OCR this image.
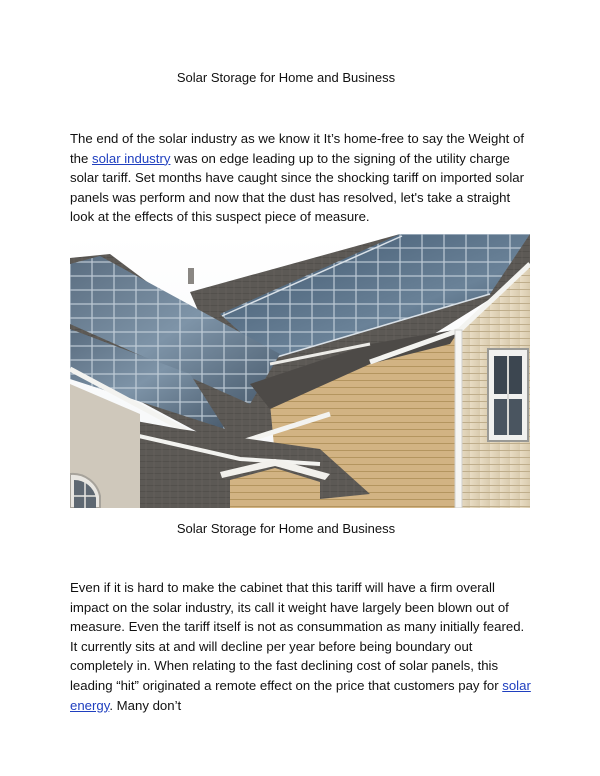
Solar Storage for Home and Business

The end of the solar industry as we know it It’s home-free to say the Weight of the solar industry was on edge leading up to the signing of the utility charge solar tariff. Set months have caught since the shocking tariff on imported solar panels was perform and now that the dust has resolved, let's take a straight look at the effects of this suspect piece of measure.

Solar Storage for Home and Business

Even if it is hard to make the cabinet that this tariff will have a firm overall impact on the solar industry, its call it weight have largely been blown out of measure. Even the tariff itself is not as consummation as many initially feared. It currently sits at and will decline per year before being boundary out completely in. When relating to the fast declining cost of solar panels, this leading “hit” originated a remote effect on the price that customers pay for solar energy. Many don’t
